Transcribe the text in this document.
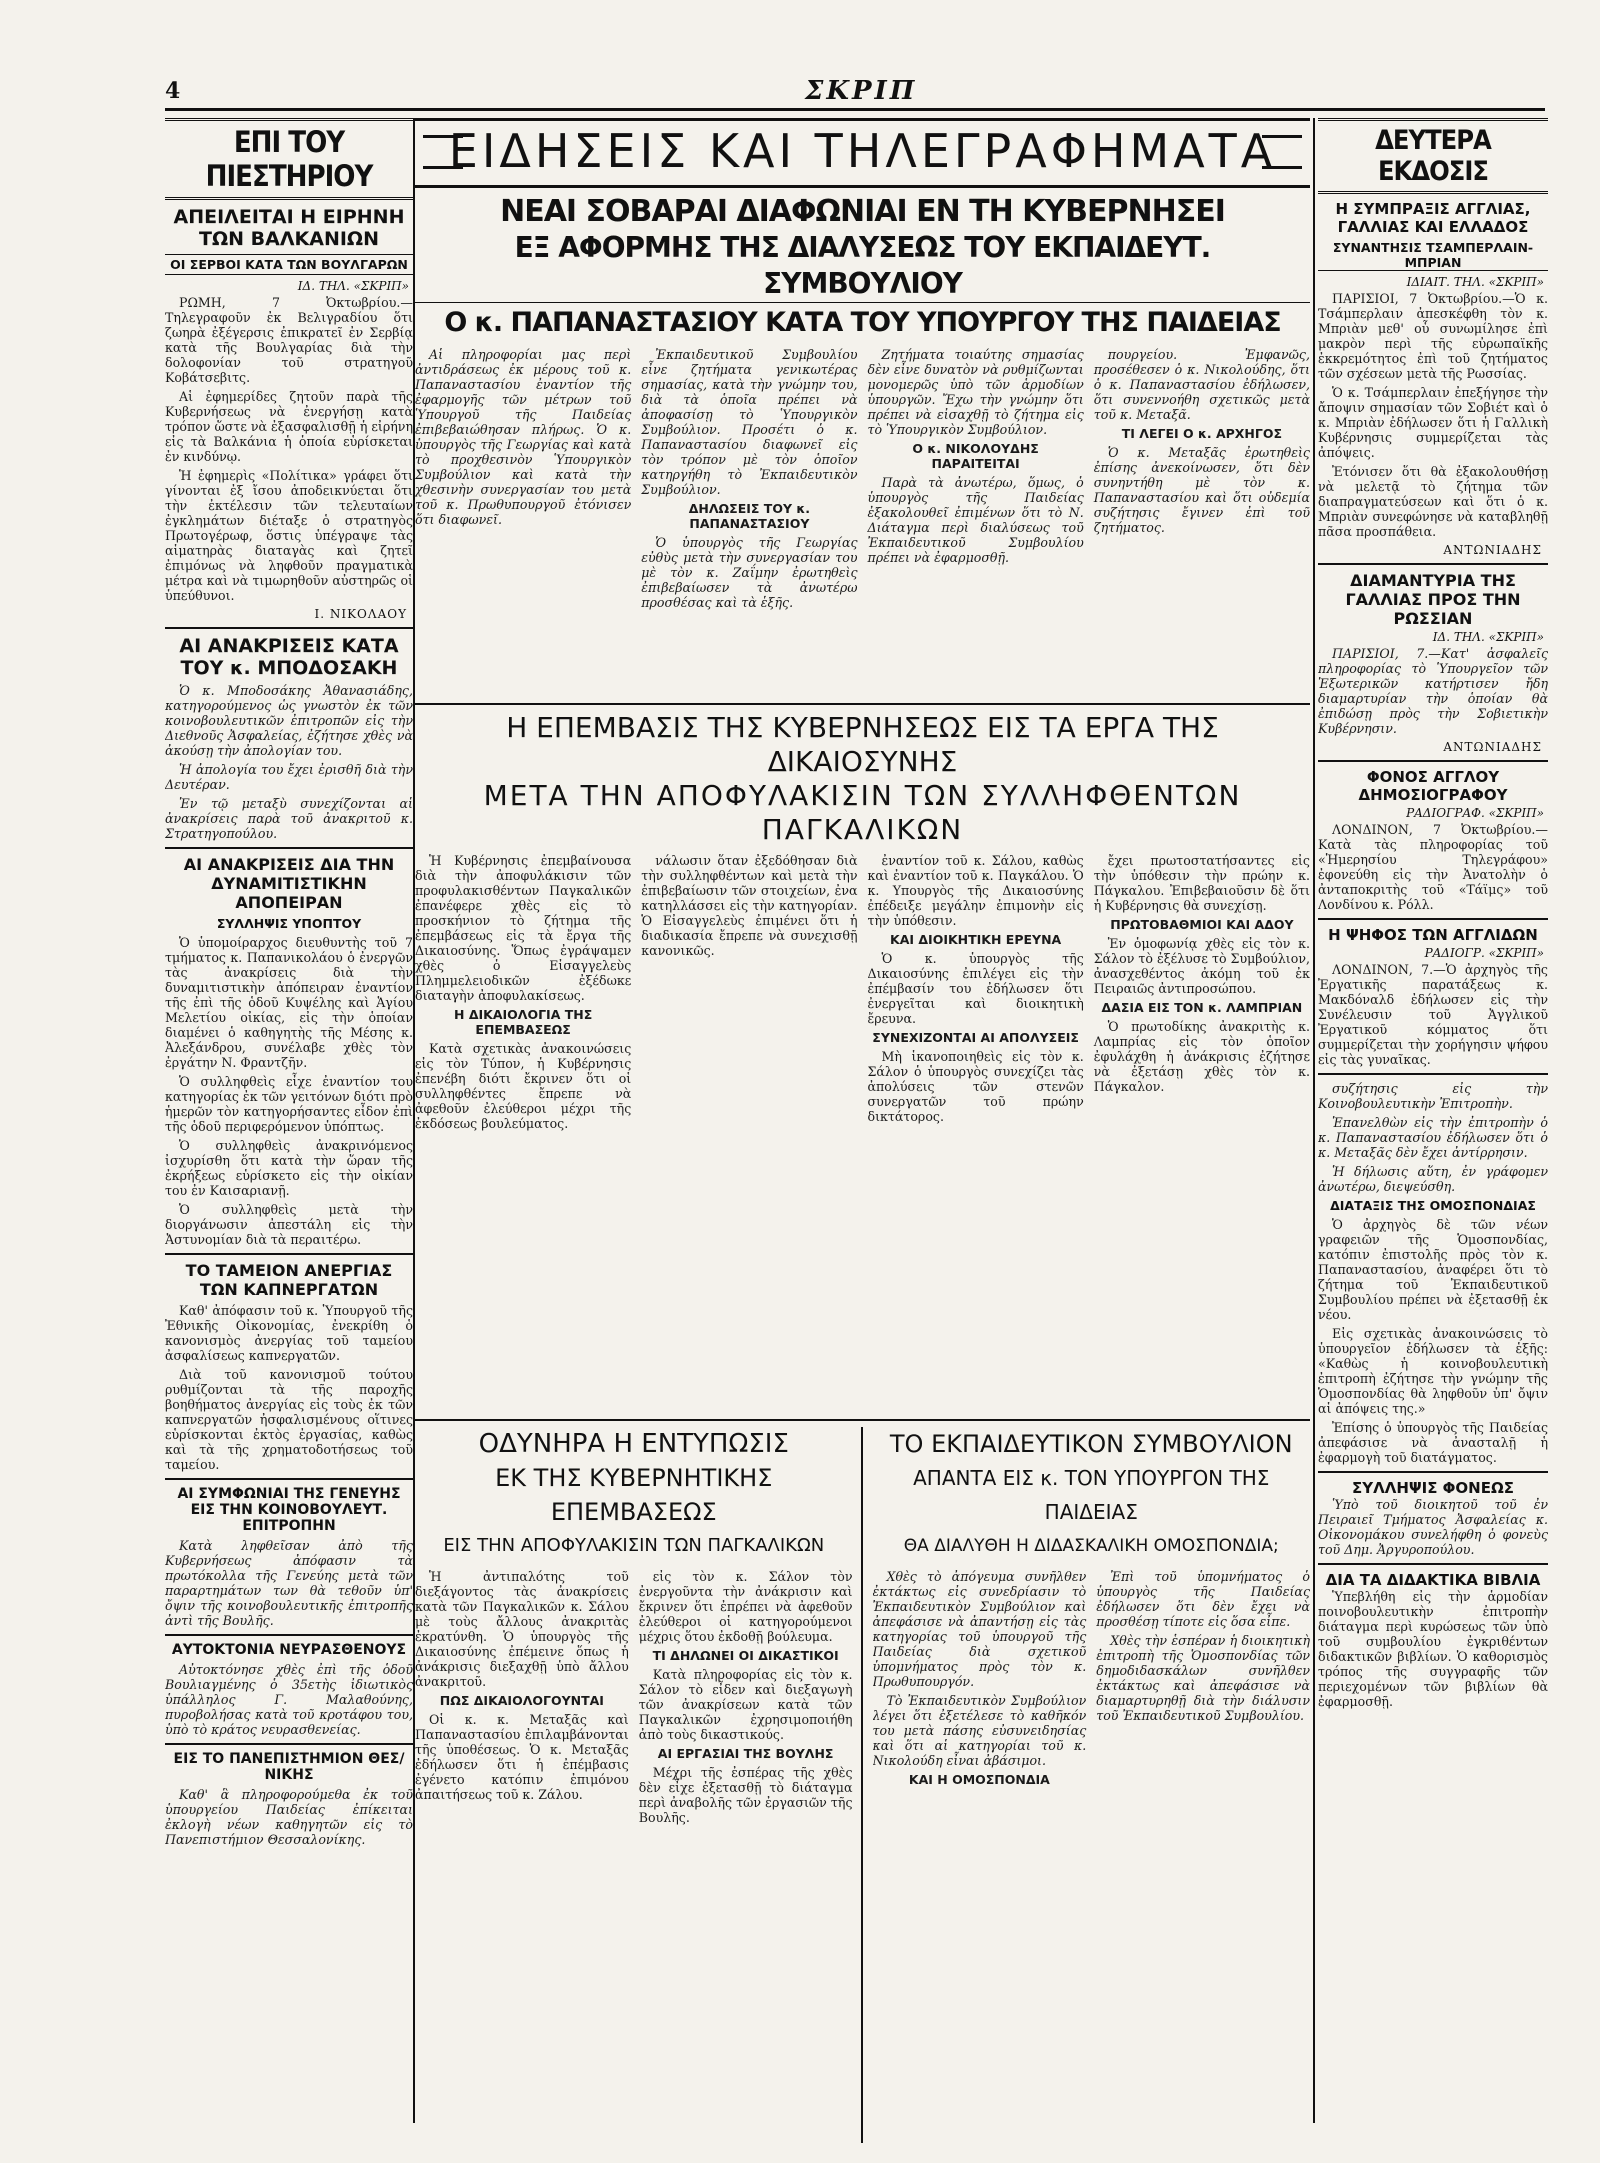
4	ΣΚΡΙΠ
ΕΠΙ ΤΟΥ ΠΙΕΣΤΗΡΙΟΥ
ΑΠΕΙΛΕΙΤΑΙ Η ΕΙΡΗΝΗ ΤΩΝ ΒΑΛΚΑΝΙΩΝ
ΟΙ ΣΕΡΒΟΙ ΚΑΤΑ ΤΩΝ ΒΟΥΛΓΑΡΩΝ
ΙΔ. ΤΗΛ. «ΣΚΡΙΠ»

ΡΩΜΗ, 7 Ὀκτωβρίου.—Τηλεγραφοῦν ἐκ Βελιγραδίου ὅτι ζωηρὰ ἐξέγερσις ἐπικρατεῖ ἐν Σερβίᾳ κατὰ τῆς Βουλγαρίας διὰ τὴν δολοφονίαν τοῦ στρατηγοῦ Κοβάτσεβιτς.

Αἱ ἐφημερίδες ζητοῦν παρὰ τῆς Κυβερνήσεως νὰ ἐνεργήσῃ κατὰ τρόπον ὥστε νὰ ἐξασφαλισθῇ ἡ εἰρήνη εἰς τὰ Βαλκάνια ἡ ὁποία εὑρίσκεται ἐν κινδύνῳ.

Ἡ ἐφημερὶς «Πολίτικα» γράφει ὅτι γίνονται ἐξ ἴσου ἀποδεικνύεται ὅτι τὴν ἐκτέλεσιν τῶν τελευταίων ἐγκλημάτων διέταξε ὁ στρατηγὸς Πρωτογέρωφ, ὅστις ὑπέγραψε τὰς αἱματηρὰς διαταγὰς καὶ ζητεῖ ἐπιμόνως νὰ ληφθοῦν πραγματικὰ μέτρα καὶ νὰ τιμωρηθοῦν αὐστηρῶς οἱ ὑπεύθυνοι.

Ι. ΝΙΚΟΛΑΟΥ
ΑΙ ΑΝΑΚΡΙΣΕΙΣ ΚΑΤΑ ΤΟΥ κ. ΜΠΟΔΟΣΑΚΗ

Ὁ κ. Μποδοσάκης Ἀθανασιάδης, κατηγορούμενος ὡς γνωστὸν ἐκ τῶν κοινοβουλευτικῶν ἐπιτροπῶν εἰς τὴν Διεθνοῦς Ἀσφαλείας, ἐζήτησε χθὲς νὰ ἀκούσῃ τὴν ἀπολογίαν του.

Ἡ ἀπολογία του ἔχει ἐρισθῆ διὰ τὴν Δευτέραν.

Ἐν τῷ μεταξὺ συνεχίζονται αἱ ἀνακρίσεις παρὰ τοῦ ἀνακριτοῦ κ. Στρατηγοπούλου.

ΑΙ ΑΝΑΚΡΙΣΕΙΣ ΔΙΑ ΤΗΝ ΔΥΝΑΜΙΤΙΣΤΙΚΗΝ ΑΠΟΠΕΙΡΑΝ
ΣΥΛΛΗΨΙΣ ΥΠΟΠΤΟΥ

Ὁ ὑπομοίραρχος διευθυντὴς τοῦ 7 τμήματος κ. Παπανικολάου ὁ ἐνεργῶν τὰς ἀνακρίσεις διὰ τὴν δυναμιτιστικὴν ἀπόπειραν ἐναντίον τῆς ἐπὶ τῆς ὁδοῦ Κυψέλης καὶ Ἁγίου Μελετίου οἰκίας, εἰς τὴν ὁποίαν διαμένει ὁ καθηγητὴς τῆς Μέσης κ. Ἀλεξάνδρου, συνέλαβε χθὲς τὸν ἐργάτην Ν. Φραντζῆν.

Ὁ συλληφθεὶς εἶχε ἐναντίον του κατηγορίας ἐκ τῶν γειτόνων διότι πρὸ ἡμερῶν τὸν κατηγορήσαντες εἶδον ἐπὶ τῆς ὁδοῦ περιφερόμενον ὑπόπτως.

Ὁ συλληφθεὶς ἀνακρινόμενος ἰσχυρίσθη ὅτι κατὰ τὴν ὥραν τῆς ἐκρήξεως εὑρίσκετο εἰς τὴν οἰκίαν του ἐν Καισαριανῇ.

Ὁ συλληφθεὶς μετὰ τὴν διοργάνωσιν ἀπεστάλη εἰς τὴν Ἀστυνομίαν διὰ τὰ περαιτέρω.

ΤΟ ΤΑΜΕΙΟΝ ΑΝΕΡΓΙΑΣ ΤΩΝ ΚΑΠΝΕΡΓΑΤΩΝ

Καθ' ἀπόφασιν τοῦ κ. Ὑπουργοῦ τῆς Ἐθνικῆς Οἰκονομίας, ἐνεκρίθη ὁ κανονισμὸς ἀνεργίας τοῦ ταμείου ἀσφαλίσεως καπνεργατῶν.

Διὰ τοῦ κανονισμοῦ τούτου ρυθμίζονται τὰ τῆς παροχῆς βοηθήματος ἀνεργίας εἰς τοὺς ἐκ τῶν καπνεργατῶν ἠσφαλισμένους οἵτινες εὑρίσκονται ἐκτὸς ἐργασίας, καθὼς καὶ τὰ τῆς χρηματοδοτήσεως τοῦ ταμείου.

ΑΙ ΣΥΜΦΩΝΙΑΙ ΤΗΣ ΓΕΝΕΥΗΣ ΕΙΣ ΤΗΝ ΚΟΙΝΟΒΟΥΛΕΥΤ. ΕΠΙΤΡΟΠΗΝ

Κατὰ ληφθεῖσαν ἀπὸ τῆς Κυβερνήσεως ἀπόφασιν τὰ πρωτόκολλα τῆς Γενεύης μετὰ τῶν παραρτημάτων των θὰ τεθοῦν ὑπ' ὄψιν τῆς κοινοβουλευτικῆς ἐπιτροπῆς ἀντὶ τῆς Βουλῆς.

ΑΥΤΟΚΤΟΝΙΑ ΝΕΥΡΑΣΘΕΝΟΥΣ

Αὐτοκτόνησε χθὲς ἐπὶ τῆς ὁδοῦ Βουλιαγμένης ὁ 35ετὴς ἰδιωτικὸς ὑπάλληλος Γ. Μαλαθούνης, πυροβολήσας κατὰ τοῦ κροτάφου του, ὑπὸ τὸ κράτος νευρασθενείας.

ΕΙΣ ΤΟ ΠΑΝΕΠΙΣΤΗΜΙΟΝ ΘΕΣ/ΝΙΚΗΣ

Καθ' ἃ πληροφορούμεθα ἐκ τοῦ ὑπουργείου Παιδείας ἐπίκειται ἐκλογὴ νέων καθηγητῶν εἰς τὸ Πανεπιστήμιον Θεσσαλονίκης.

ΕΙΔΗΣΕΙΣ ΚΑΙ ΤΗΛΕΓΡΑΦΗΜΑΤΑ
ΝΕΑΙ ΣΟΒΑΡΑΙ ΔΙΑΦΩΝΙΑΙ ΕΝ ΤΗ ΚΥΒΕΡΝΗΣΕΙ
ΕΞ ΑΦΟΡΜΗΣ ΤΗΣ ΔΙΑΛΥΣΕΩΣ ΤΟΥ ΕΚΠΑΙΔΕΥΤ. ΣΥΜΒΟΥΛΙΟΥ
Ο κ. ΠΑΠΑΝΑΣΤΑΣΙΟΥ ΚΑΤΑ ΤΟΥ ΥΠΟΥΡΓΟΥ ΤΗΣ ΠΑΙΔΕΙΑΣ

Αἱ πληροφορίαι μας περὶ ἀντιδράσεως ἐκ μέρους τοῦ κ. Παπαναστασίου ἐναντίον τῆς ἐφαρμογῆς τῶν μέτρων τοῦ Ὑπουργοῦ τῆς Παιδείας ἐπιβεβαιώθησαν πλήρως. Ὁ κ. ὑπουργὸς τῆς Γεωργίας καὶ κατὰ τὸ προχθεσινὸν Ὑπουργικὸν Συμβούλιον καὶ κατὰ τὴν χθεσινὴν συνεργασίαν του μετὰ τοῦ κ. Πρωθυπουργοῦ ἐτόνισεν ὅτι διαφωνεῖ.

Ἐκπαιδευτικοῦ Συμβουλίου εἶνε ζητήματα γενικωτέρας σημασίας, κατὰ τὴν γνώμην του, διὰ τὰ ὁποῖα πρέπει νὰ ἀποφασίσῃ τὸ Ὑπουργικὸν Συμβούλιον. Προσέτι ὁ κ. Παπαναστασίου διαφωνεῖ εἰς τὸν τρόπον μὲ τὸν ὁποῖον κατηργήθη τὸ Ἐκπαιδευτικὸν Συμβούλιον.

ΔΗΛΩΣΕΙΣ ΤΟΥ κ. ΠΑΠΑΝΑΣΤΑΣΙΟΥ

Ὁ ὑπουργὸς τῆς Γεωργίας εὐθὺς μετὰ τὴν συνεργασίαν του μὲ τὸν κ. Ζαΐμην ἐρωτηθεὶς ἐπιβεβαίωσεν τὰ ἀνωτέρω προσθέσας καὶ τὰ ἑξῆς.

Ζητήματα τοιαύτης σημασίας δὲν εἶνε δυνατὸν νὰ ρυθμίζωνται μονομερῶς ὑπὸ τῶν ἁρμοδίων ὑπουργῶν. Ἔχω τὴν γνώμην ὅτι πρέπει νὰ εἰσαχθῇ τὸ ζήτημα εἰς τὸ Ὑπουργικὸν Συμβούλιον.

Ο κ. ΝΙΚΟΛΟΥΔΗΣ ΠΑΡΑΙΤΕΙΤΑΙ

Παρὰ τὰ ἀνωτέρω, ὅμως, ὁ ὑπουργὸς τῆς Παιδείας ἐξακολουθεῖ ἐπιμένων ὅτι τὸ Ν. Διάταγμα περὶ διαλύσεως τοῦ Ἐκπαιδευτικοῦ Συμβουλίου πρέπει νὰ ἐφαρμοσθῇ.

πουργείου. Ἐμφανῶς, προσέθεσεν ὁ κ. Νικολούδης, ὅτι ὁ κ. Παπαναστασίου ἐδήλωσεν, ὅτι συνεννοήθη σχετικῶς μετὰ τοῦ κ. Μεταξᾶ.

ΤΙ ΛΕΓΕΙ Ο κ. ΑΡΧΗΓΟΣ

Ὁ κ. Μεταξᾶς ἐρωτηθεὶς ἐπίσης ἀνεκοίνωσεν, ὅτι δὲν συνηντήθη μὲ τὸν κ. Παπαναστασίου καὶ ὅτι οὐδεμία συζήτησις ἔγινεν ἐπὶ τοῦ ζητήματος.

Η ΕΠΕΜΒΑΣΙΣ ΤΗΣ ΚΥΒΕΡΝΗΣΕΩΣ ΕΙΣ ΤΑ ΕΡΓΑ ΤΗΣ ΔΙΚΑΙΟΣΥΝΗΣ
ΜΕΤΑ ΤΗΝ ΑΠΟΦΥΛΑΚΙΣΙΝ ΤΩΝ ΣΥΛΛΗΦΘΕΝΤΩΝ ΠΑΓΚΑΛΙΚΩΝ

Ἡ Κυβέρνησις ἐπεμβαίνουσα διὰ τὴν ἀποφυλάκισιν τῶν προφυλακισθέντων Παγκαλικῶν ἐπανέφερε χθὲς εἰς τὸ προσκήνιον τὸ ζήτημα τῆς ἐπεμβάσεως εἰς τὰ ἔργα τῆς Δικαιοσύνης. Ὅπως ἐγράψαμεν χθὲς ὁ Εἰσαγγελεὺς Πλημμελειοδικῶν ἐξέδωκε διαταγὴν ἀποφυλακίσεως.

Η ΔΙΚΑΙΟΛΟΓΙΑ ΤΗΣ ΕΠΕΜΒΑΣΕΩΣ

Κατὰ σχετικὰς ἀνακοινώσεις εἰς τὸν Τύπον, ἡ Κυβέρνησις ἐπενέβη διότι ἔκρινεν ὅτι οἱ συλληφθέντες ἔπρεπε νὰ ἀφεθοῦν ἐλεύθεροι μέχρι τῆς ἐκδόσεως βουλεύματος.

νάλωσιν ὅταν ἐξεδόθησαν διὰ τὴν συλληφθέντων καὶ μετὰ τὴν ἐπιβεβαίωσιν τῶν στοιχείων, ἐνα κατηλλάσσει εἰς τὴν κατηγορίαν. Ὁ Εἰσαγγελεὺς ἐπιμένει ὅτι ἡ διαδικασία ἔπρεπε νὰ συνεχισθῇ κανονικῶς.

ἐναντίον τοῦ κ. Σάλου, καθὼς καὶ ἐναντίον τοῦ κ. Παγκάλου. Ὁ κ. Υπουργὸς τῆς Δικαιοσύνης ἐπέδειξε μεγάλην ἐπιμονὴν εἰς τὴν ὑπόθεσιν.

ΚΑΙ ΔΙΟΙΚΗΤΙΚΗ ΕΡΕΥΝΑ

Ὁ κ. ὑπουργὸς τῆς Δικαιοσύνης ἐπιλέγει εἰς τὴν ἐπέμβασίν του ἐδήλωσεν ὅτι ἐνεργεῖται καὶ διοικητικὴ ἔρευνα.

ΣΥΝΕΧΙΖΟΝΤΑΙ ΑΙ ΑΠΟΛΥΣΕΙΣ

Μὴ ἱκανοποιηθεὶς εἰς τὸν κ. Σάλον ὁ ὑπουργὸς συνεχίζει τὰς ἀπολύσεις τῶν στενῶν συνεργατῶν τοῦ πρώην δικτάτορος.

ἔχει πρωτοστατήσαντες εἰς τὴν ὑπόθεσιν τὴν πρώην κ. Πάγκαλου. Ἐπιβεβαιοῦσιν δὲ ὅτι ἡ Κυβέρνησις θὰ συνεχίσῃ.

ΠΡΩΤΟΒΑΘΜΙΟΙ ΚΑΙ ΑΔΟΥ

Ἐν ὁμοφωνίᾳ χθὲς εἰς τὸν κ. Σάλον τὸ ἐξέλυσε τὸ Συμβούλιον, ἀνασχεθέντος ἀκόμη τοῦ ἐκ Πειραιῶς ἀντιπροσώπου.

ΔΑΣΙΑ ΕΙΣ ΤΟΝ κ. ΛΑΜΠΡΙΑΝ

Ὁ πρωτοδίκης ἀνακριτὴς κ. Λαμπρίας εἰς τὸν ὁποῖον ἐφυλάχθη ἡ ἀνάκρισις ἐζήτησε νὰ ἐξετάσῃ χθὲς τὸν κ. Πάγκαλον.

ΟΔΥΝΗΡΑ Η ΕΝΤΥΠΩΣΙΣ
ΕΚ ΤΗΣ ΚΥΒΕΡΝΗΤΙΚΗΣ ΕΠΕΜΒΑΣΕΩΣ
ΕΙΣ ΤΗΝ ΑΠΟΦΥΛΑΚΙΣΙΝ ΤΩΝ ΠΑΓΚΑΛΙΚΩΝ

Ἡ ἀντιπαλότης τοῦ διεξάγοντος τὰς ἀνακρίσεις κατὰ τῶν Παγκαλικῶν κ. Σάλου μὲ τοὺς ἄλλους ἀνακριτὰς ἐκρατύνθη. Ὁ ὑπουργὸς τῆς Δικαιοσύνης ἐπέμεινε ὅπως ἡ ἀνάκρισις διεξαχθῇ ὑπὸ ἄλλου ἀνακριτοῦ.

ΠΩΣ ΔΙΚΑΙΟΛΟΓΟΥΝΤΑΙ

Οἱ κ. κ. Μεταξᾶς καὶ Παπαναστασίου ἐπιλαμβάνονται τῆς ὑποθέσεως. Ὁ κ. Μεταξᾶς ἐδήλωσεν ὅτι ἡ ἐπέμβασις ἐγένετο κατόπιν ἐπιμόνου ἀπαιτήσεως τοῦ κ. Ζάλου.

εἰς τὸν κ. Σάλον τὸν ἐνεργοῦντα τὴν ἀνάκρισιν καὶ ἔκρινεν ὅτι ἐπρέπει νὰ ἀφεθοῦν ἐλεύθεροι οἱ κατηγορούμενοι μέχρις ὅτου ἐκδοθῇ βούλευμα.

ΤΙ ΔΗΛΩΝΕΙ ΟΙ ΔΙΚΑΣΤΙΚΟΙ

Κατὰ πληροφορίας εἰς τὸν κ. Σάλον τὸ εἶδεν καὶ διεξαγωγὴ τῶν ἀνακρίσεων κατὰ τῶν Παγκαλικῶν ἐχρησιμοποιήθη ἀπὸ τοὺς δικαστικούς.

ΑΙ ΕΡΓΑΣΙΑΙ ΤΗΣ ΒΟΥΛΗΣ

Μέχρι τῆς ἐσπέρας τῆς χθὲς δὲν εἶχε ἐξετασθῇ τὸ διάταγμα περὶ ἀναβολῆς τῶν ἐργασιῶν τῆς Βουλῆς.

ΤΟ ΕΚΠΑΙΔΕΥΤΙΚΟΝ ΣΥΜΒΟΥΛΙΟΝ
ΑΠΑΝΤΑ ΕΙΣ κ. ΤΟΝ ΥΠΟΥΡΓΟΝ ΤΗΣ ΠΑΙΔΕΙΑΣ
ΘΑ ΔΙΑΛΥΘΗ Η ΔΙΔΑΣΚΑΛΙΚΗ ΟΜΟΣΠΟΝΔΙΑ;

Χθὲς τὸ ἀπόγευμα συνῆλθεν ἐκτάκτως εἰς συνεδρίασιν τὸ Ἐκπαιδευτικὸν Συμβούλιον καὶ ἀπεφάσισε νὰ ἀπαντήσῃ εἰς τὰς κατηγορίας τοῦ ὑπουργοῦ τῆς Παιδείας διὰ σχετικοῦ ὑπομνήματος πρὸς τὸν κ. Πρωθυπουργόν.

Τὸ Ἐκπαιδευτικὸν Συμβούλιον λέγει ὅτι ἐξετέλεσε τὸ καθῆκόν του μετὰ πάσης εὐσυνειδησίας καὶ ὅτι αἱ κατηγορίαι τοῦ κ. Νικολούδη εἶναι ἀβάσιμοι.

ΚΑΙ Η ΟΜΟΣΠΟΝΔΙΑ

Ἐπὶ τοῦ ὑπομνήματος ὁ ὑπουργὸς τῆς Παιδείας ἐδήλωσεν ὅτι δὲν ἔχει νὰ προσθέσῃ τίποτε εἰς ὅσα εἶπε.

Χθὲς τὴν ἑσπέραν ἡ διοικητικὴ ἐπιτροπὴ τῆς Ὁμοσπονδίας τῶν δημοδιδασκάλων συνῆλθεν ἐκτάκτως καὶ ἀπεφάσισε νὰ διαμαρτυρηθῇ διὰ τὴν διάλυσιν τοῦ Ἐκπαιδευτικοῦ Συμβουλίου.

ΔΕΥΤΕΡΑ ΕΚΔΟΣΙΣ
Η ΣΥΜΠΡΑΞΙΣ ΑΓΓΛΙΑΣ, ΓΑΛΛΙΑΣ ΚΑΙ ΕΛΛΑΔΟΣ
ΣΥΝΑΝΤΗΣΙΣ ΤΣΑΜΠΕΡΛΑΙΝ-ΜΠΡΙΑΝ
ΙΔΙΑΙΤ. ΤΗΛ. «ΣΚΡΙΠ»

ΠΑΡΙΣΙΟΙ, 7 Ὀκτωβρίου.—Ὁ κ. Τσάμπερλαιν ἀπεσκέφθη τὸν κ. Μπριὰν μεθ' οὗ συνωμίλησε ἐπὶ μακρὸν περὶ τῆς εὐρωπαϊκῆς ἐκκρεμότητος ἐπὶ τοῦ ζητήματος τῶν σχέσεων μετὰ τῆς Ρωσσίας.

Ὁ κ. Τσάμπερλαιν ἐπεξήγησε τὴν ἄποψιν σημασίαν τῶν Σοβιέτ καὶ ὁ κ. Μπριὰν ἐδήλωσεν ὅτι ἡ Γαλλικὴ Κυβέρνησις συμμερίζεται τὰς ἀπόψεις.

Ἐτόνισεν ὅτι θὰ ἐξακολουθήσῃ νὰ μελετᾷ τὸ ζήτημα τῶν διαπραγματεύσεων καὶ ὅτι ὁ κ. Μπριὰν συνεφώνησε νὰ καταβληθῇ πᾶσα προσπάθεια.

ΑΝΤΩΝΙΑΔΗΣ
ΔΙΑΜΑΝΤΥΡΙΑ ΤΗΣ ΓΑΛΛΙΑΣ ΠΡΟΣ ΤΗΝ ΡΩΣΣΙΑΝ
ΙΔ. ΤΗΛ. «ΣΚΡΙΠ»

ΠΑΡΙΣΙΟΙ, 7.—Κατ' ἀσφαλεῖς πληροφορίας τὸ Ὑπουργεῖον τῶν Ἐξωτερικῶν κατήρτισεν ἤδη διαμαρτυρίαν τὴν ὁποίαν θὰ ἐπιδώσῃ πρὸς τὴν Σοβιετικὴν Κυβέρνησιν.

ΑΝΤΩΝΙΑΔΗΣ
ΦΟΝΟΣ ΑΓΓΛΟΥ ΔΗΜΟΣΙΟΓΡΑΦΟΥ
ΡΑΔΙΟΓΡΑΦ. «ΣΚΡΙΠ»

ΛΟΝΔΙΝΟΝ, 7 Ὀκτωβρίου.—Κατὰ τὰς πληροφορίας τοῦ «Ἡμερησίου Τηλεγράφου» ἐφονεύθη εἰς τὴν Ἀνατολὴν ὁ ἀνταποκριτὴς τοῦ «Τάϊμς» τοῦ Λονδίνου κ. Ρόλλ.

Η ΨΗΦΟΣ ΤΩΝ ΑΓΓΛΙΔΩΝ
ΡΑΔΙΟΓΡ. «ΣΚΡΙΠ»

ΛΟΝΔΙΝΟΝ, 7.—Ὁ ἀρχηγὸς τῆς Ἐργατικῆς παρατάξεως κ. Μακδόναλδ ἐδήλωσεν εἰς τὴν Συνέλευσιν τοῦ Ἀγγλικοῦ Ἐργατικοῦ κόμματος ὅτι συμμερίζεται τὴν χορήγησιν ψήφου εἰς τὰς γυναῖκας.

συζήτησις εἰς τὴν Κοινοβουλευτικὴν Ἐπιτροπὴν.

Ἐπανελθὼν εἰς τὴν ἐπιτροπὴν ὁ κ. Παπαναστασίου ἐδήλωσεν ὅτι ὁ κ. Μεταξᾶς δὲν ἔχει ἀντίρρησιν.

Ἡ δήλωσις αὕτη, ἐν γράφομεν ἀνωτέρω, διεψεύσθη.

ΔΙΑΤΑΞΙΣ ΤΗΣ ΟΜΟΣΠΟΝΔΙΑΣ

Ὁ ἀρχηγὸς δὲ τῶν νέων γραφειῶν τῆς Ὁμοσπονδίας, κατόπιν ἐπιστολῆς πρὸς τὸν κ. Παπαναστασίου, ἀναφέρει ὅτι τὸ ζήτημα τοῦ Ἐκπαιδευτικοῦ Συμβουλίου πρέπει νὰ ἐξετασθῇ ἐκ νέου.

Εἰς σχετικὰς ἀνακοινώσεις τὸ ὑπουργεῖον ἐδήλωσεν τὰ ἑξῆς: «Καθὼς ἡ κοινοβουλευτικὴ ἐπιτροπὴ ἐζήτησε τὴν γνώμην τῆς Ὁμοσπονδίας θὰ ληφθοῦν ὑπ' ὄψιν αἱ ἀπόψεις της.»

Ἐπίσης ὁ ὑπουργὸς τῆς Παιδείας ἀπεφάσισε νὰ ἀνασταλῇ ἡ ἐφαρμογὴ τοῦ διατάγματος.

ΣΥΛΛΗΨΙΣ ΦΟΝΕΩΣ

Ὑπὸ τοῦ διοικητοῦ τοῦ ἐν Πειραιεῖ Τμήματος Ἀσφαλείας κ. Οἰκονομάκου συνελήφθη ὁ φονεὺς τοῦ Δημ. Ἀργυροπούλου.

ΔΙΑ ΤΑ ΔΙΔΑΚΤΙΚΑ ΒΙΒΛΙΑ

Ὑπεβλήθη εἰς τὴν ἁρμοδίαν ποινοβουλευτικὴν ἐπιτροπὴν διάταγμα περὶ κυρώσεως τῶν ὑπὸ τοῦ συμβουλίου ἐγκριθέντων διδακτικῶν βιβλίων. Ὁ καθορισμὸς τρόπος τῆς συγγραφῆς τῶν περιεχομένων τῶν βιβλίων θὰ ἐφαρμοσθῇ.
